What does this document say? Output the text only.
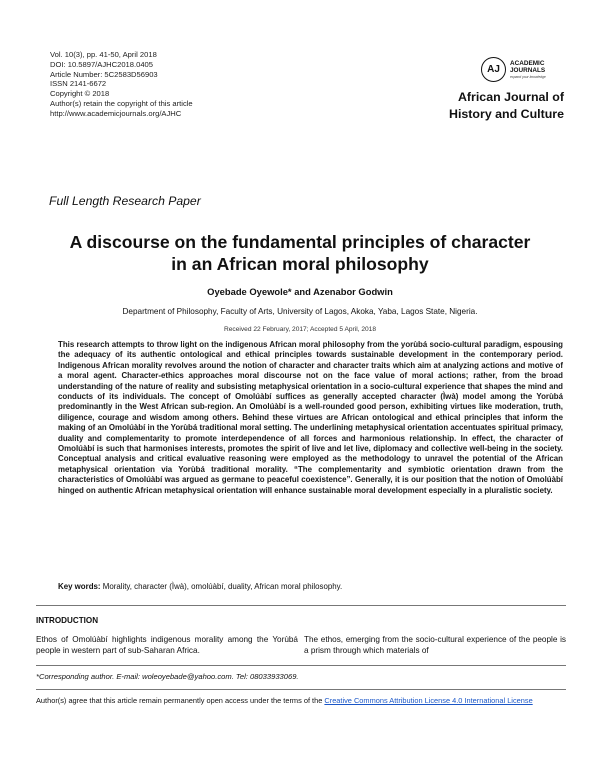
Vol. 10(3), pp. 41-50, April 2018
DOI: 10.5897/AJHC2018.0405
Article Number: 5C2583D56903
ISSN 2141-6672
Copyright © 2018
Author(s) retain the copyright of this article
http://www.academicjournals.org/AJHC
AJ
ACADEMIC
JOURNALS
expand your knowledge
African Journal of
History and Culture
Full Length Research Paper
A discourse on the fundamental principles of character
in an African moral philosophy
Oyebade Oyewole* and Azenabor Godwin
Department of Philosophy, Faculty of Arts, University of Lagos, Akoka, Yaba, Lagos State, Nigeria.
Received 22 February, 2017; Accepted 5 April, 2018
This research attempts to throw light on the indigenous African moral philosophy from the yorùbá socio-cultural paradigm, espousing the adequacy of its authentic ontological and ethical principles towards sustainable development in the contemporary period. Indigenous African morality revolves around the notion of character and character traits which aim at analyzing actions and motive of a moral agent. Character-ethics approaches moral discourse not on the face value of moral actions; rather, from the broad understanding of the nature of reality and subsisting metaphysical orientation in a socio-cultural experience that shapes the mind and conducts of its individuals. The concept of Omolúàbí suffices as generally accepted character (Ìwà) model among the Yorùbá predominantly in the West African sub-region. An Omolúàbí is a well-rounded good person, exhibiting virtues like moderation, truth, diligence, courage and wisdom among others. Behind these virtues are African ontological and ethical principles that inform the making of an Omolúàbí in the Yorùbá traditional moral setting. The underlining metaphysical orientation accentuates spiritual primacy, duality and complementarity to promote interdependence of all forces and harmonious relationship. In effect, the character of Omolúàbí is such that harmonises interests, promotes the spirit of live and let live, diplomacy and collective well-being in the society. Conceptual analysis and critical evaluative reasoning were employed as the methodology to unravel the potential of the African metaphysical orientation via Yorùbá traditional morality. “The complementarity and symbiotic orientation drawn from the characteristics of Omolúàbí was argued as germane to peaceful coexistence”. Generally, it is our position that the notion of Omolúàbí hinged on authentic African metaphysical orientation will enhance sustainable moral development especially in a pluralistic society.
Key words: Morality, character (Ìwà), omolúàbí, duality, African moral philosophy.
INTRODUCTION
Ethos of Omolúàbí highlights indigenous morality among the Yorùbá people in western part of sub-Saharan Africa.
The ethos, emerging from the socio-cultural experience of the people is a prism through which materials of
*Corresponding author. E-mail: woleoyebade@yahoo.com. Tel: 08033933069.
Author(s) agree that this article remain permanently open access under the terms of the Creative Commons Attribution License 4.0 International License
